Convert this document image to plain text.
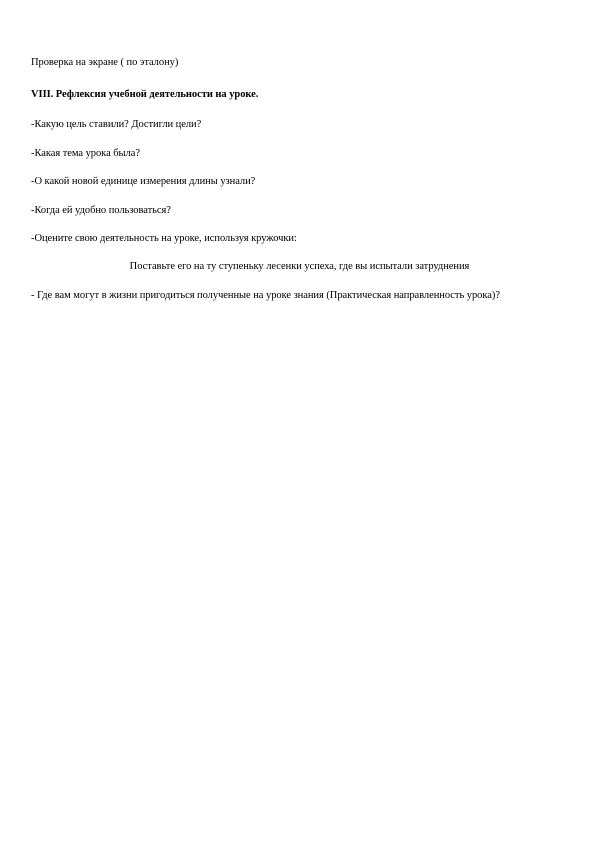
Проверка на экране ( по эталону)
VIII. Рефлексия учебной деятельности на уроке.
-Какую цель ставили? Достигли цели?
-Какая тема урока была?
-О какой новой единице измерения длины узнали?
-Когда ей удобно пользоваться?
-Оцените свою деятельность на уроке, используя кружочки:
Поставьте его на ту ступеньку лесенки успеха, где вы испытали затруднения
- Где вам могут в жизни пригодиться полученные на уроке знания (Практическая направленность урока)?
